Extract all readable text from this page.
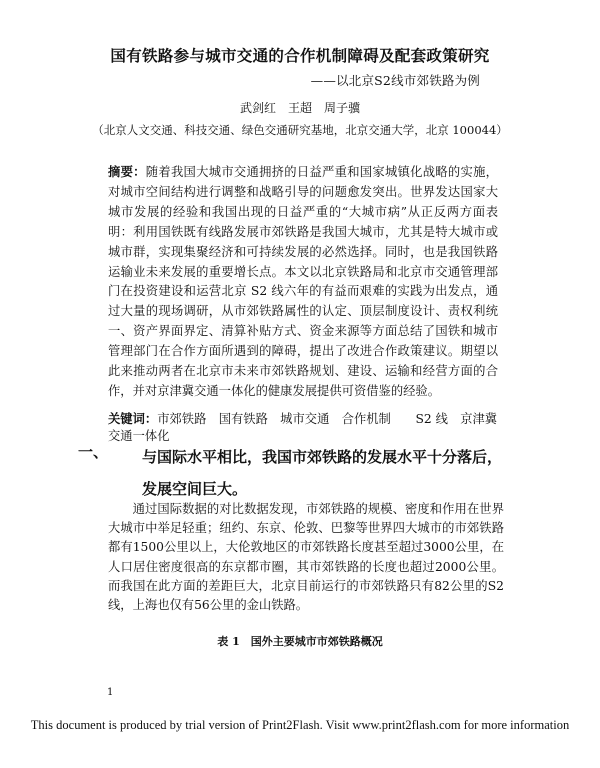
国有铁路参与城市交通的合作机制障碍及配套政策研究
——以北京S2线市郊铁路为例
武剑红　王超　周子骥
（北京人文交通、科技交通、绿色交通研究基地，北京交通大学，北京 100044）
摘要：随着我国大城市交通拥挤的日益严重和国家城镇化战略的实施，对城市空间结构进行调整和战略引导的问题愈发突出。世界发达国家大城市发展的经验和我国出现的日益严重的“大城市病”从正反两方面表明：利用国铁既有线路发展市郊铁路是我国大城市，尤其是特大城市或城市群，实现集聚经济和可持续发展的必然选择。同时，也是我国铁路运输业未来发展的重要增长点。本文以北京铁路局和北京市交通管理部门在投资建设和运营北京 S2 线六年的有益而艰难的实践为出发点，通过大量的现场调研，从市郊铁路属性的认定、顶层制度设计、责权利统一、资产界面界定、清算补贴方式、资金来源等方面总结了国铁和城市管理部门在合作方面所遇到的障碍，提出了改进合作政策建议。期望以此来推动两者在北京市未来市郊铁路规划、建设、运输和经营方面的合作，并对京津冀交通一体化的健康发展提供可资借鉴的经验。
关键词：市郊铁路　国有铁路　城市交通　合作机制　　S2 线　京津冀交通一体化
一、 与国际水平相比，我国市郊铁路的发展水平十分落后，发展空间巨大。
通过国际数据的对比数据发现，市郊铁路的规模、密度和作用在世界大城市中举足轻重；纽约、东京、伦敦、巴黎等世界四大城市的市郊铁路都有1500公里以上，大伦敦地区的市郊铁路长度甚至超过3000公里，在人口居住密度很高的东京都市圈，其市郊铁路的长度也超过2000公里。而我国在此方面的差距巨大，北京目前运行的市郊铁路只有82公里的S2线，上海也仅有56公里的金山铁路。
表 1　国外主要城市市郊铁路概况
1
This document is produced by trial version of Print2Flash. Visit www.print2flash.com for more information
